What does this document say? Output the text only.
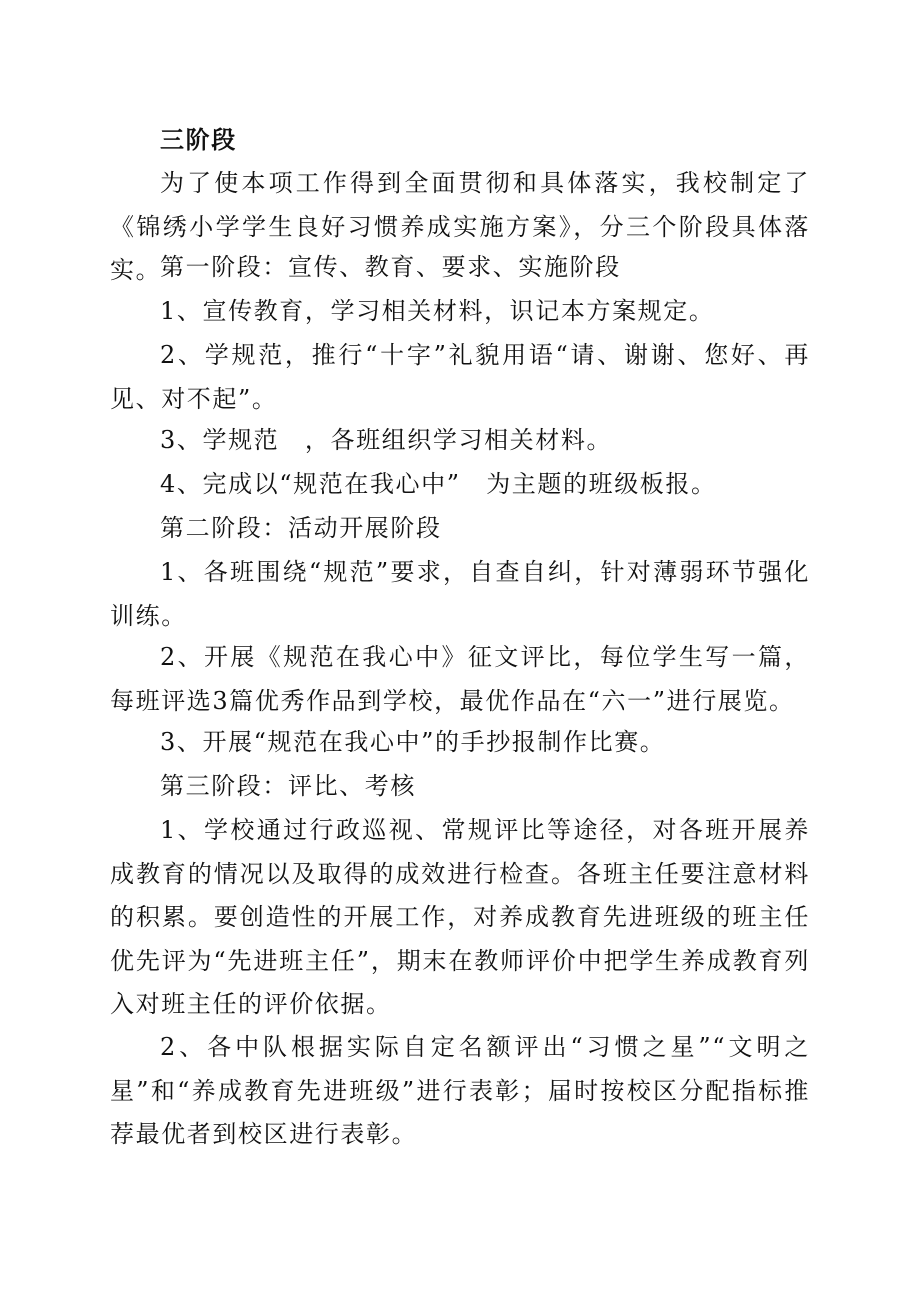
三阶段

为了使本项工作得到全面贯彻和具体落实，我校制定了《锦绣小学学生良好习惯养成实施方案》，分三个阶段具体落实。

第一阶段：宣传、教育、要求、实施阶段

1、宣传教育，学习相关材料，识记本方案规定。

2、学规范，推行“十字”礼貌用语“请、谢谢、您好、再见、对不起”。

3、学规范　，各班组织学习相关材料。

4、完成以“规范在我心中”　为主题的班级板报。

第二阶段：活动开展阶段

1、各班围绕“规范”要求，自查自纠，针对薄弱环节强化训练。

2、开展《规范在我心中》征文评比，每位学生写一篇，每班评选3篇优秀作品到学校，最优作品在“六一”进行展览。

3、开展“规范在我心中”的手抄报制作比赛。

第三阶段：评比、考核

1、学校通过行政巡视、常规评比等途径，对各班开展养成教育的情况以及取得的成效进行检查。各班主任要注意材料的积累。要创造性的开展工作，对养成教育先进班级的班主任优先评为“先进班主任”，期末在教师评价中把学生养成教育列入对班主任的评价依据。

2、各中队根据实际自定名额评出“习惯之星”“文明之星”和“养成教育先进班级”进行表彰；届时按校区分配指标推荐最优者到校区进行表彰。
